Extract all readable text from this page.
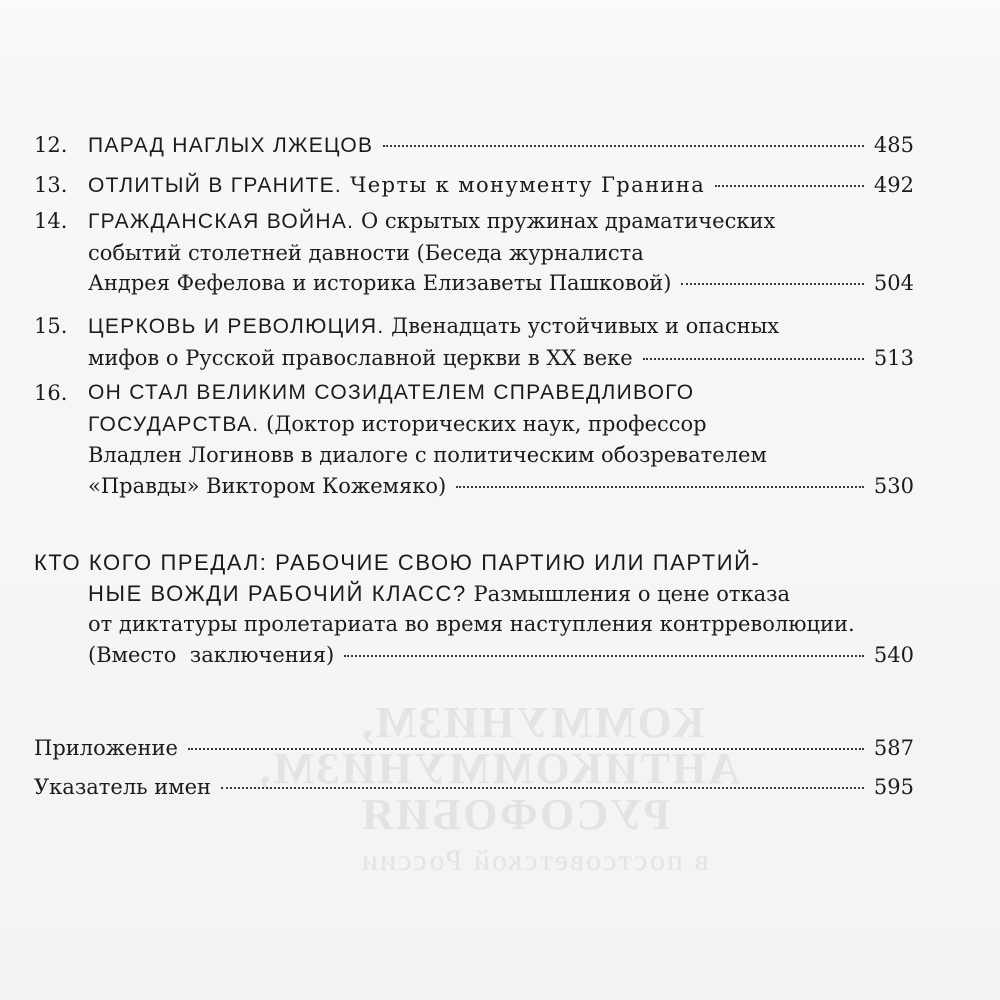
КОММУНИЗМ,
АНТИКОММУНИЗМ,
РУСОФОБИЯ
в постсоветской России
12. ПАРАД НАГЛЫХ ЛЖЕЦОВ	485
13. ОТЛИТЫЙ В ГРАНИТЕ. Черты к монументу Гранина	492
14. ГРАЖДАНСКАЯ ВОЙНА. О скрытых пружинах драматических
событий столетней давности (Беседа журналиста
Андрея Фефелова и историка Елизаветы Пашковой)	504
15. ЦЕРКОВЬ И РЕВОЛЮЦИЯ. Двенадцать устойчивых и опасных
мифов о Русской православной церкви в XX веке	513
16. ОН СТАЛ ВЕЛИКИМ СОЗИДАТЕЛЕМ СПРАВЕДЛИВОГО
ГОСУДАРСТВА. (Доктор исторических наук, профессор
Владлен Логиновв в диалоге с политическим обозревателем
«Правды» Виктором Кожемяко)	530
КТО КОГО ПРЕДАЛ: РАБОЧИЕ СВОЮ ПАРТИЮ ИЛИ ПАРТИЙ-
НЫЕ ВОЖДИ РАБОЧИЙ КЛАСС? Размышления о цене отказа
от диктатуры пролетариата во время наступления контрреволюции.
(Вместо  заключения)	540
Приложение	587
Указатель имен	595
